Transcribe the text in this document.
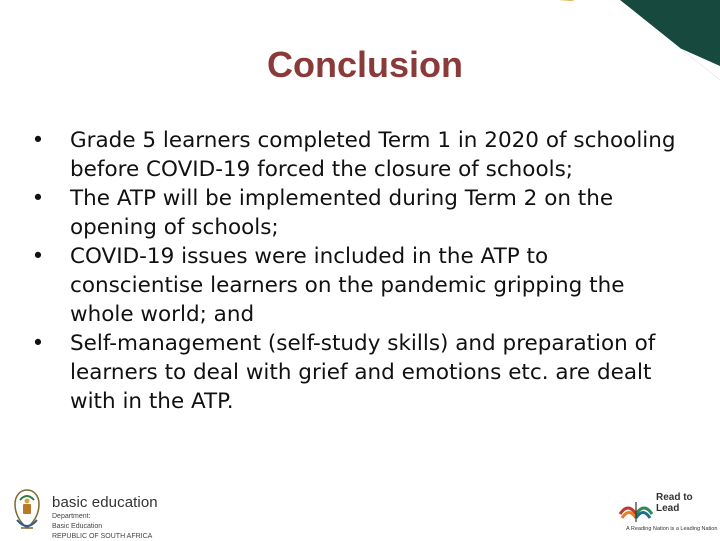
Conclusion
• Grade 5 learners completed Term 1 in 2020 of schooling before COVID-19 forced the closure of schools;
• The ATP will be implemented during Term 2 on the opening of schools;
• COVID-19 issues were included in the ATP to conscientise learners on the pandemic gripping the whole world; and
• Self-management (self-study skills) and preparation of learners to deal with grief and emotions etc. are dealt with in the ATP.
basic education
Department:
Basic Education
REPUBLIC OF SOUTH AFRICA
Read to Lead
A Reading Nation is a Leading Nation
